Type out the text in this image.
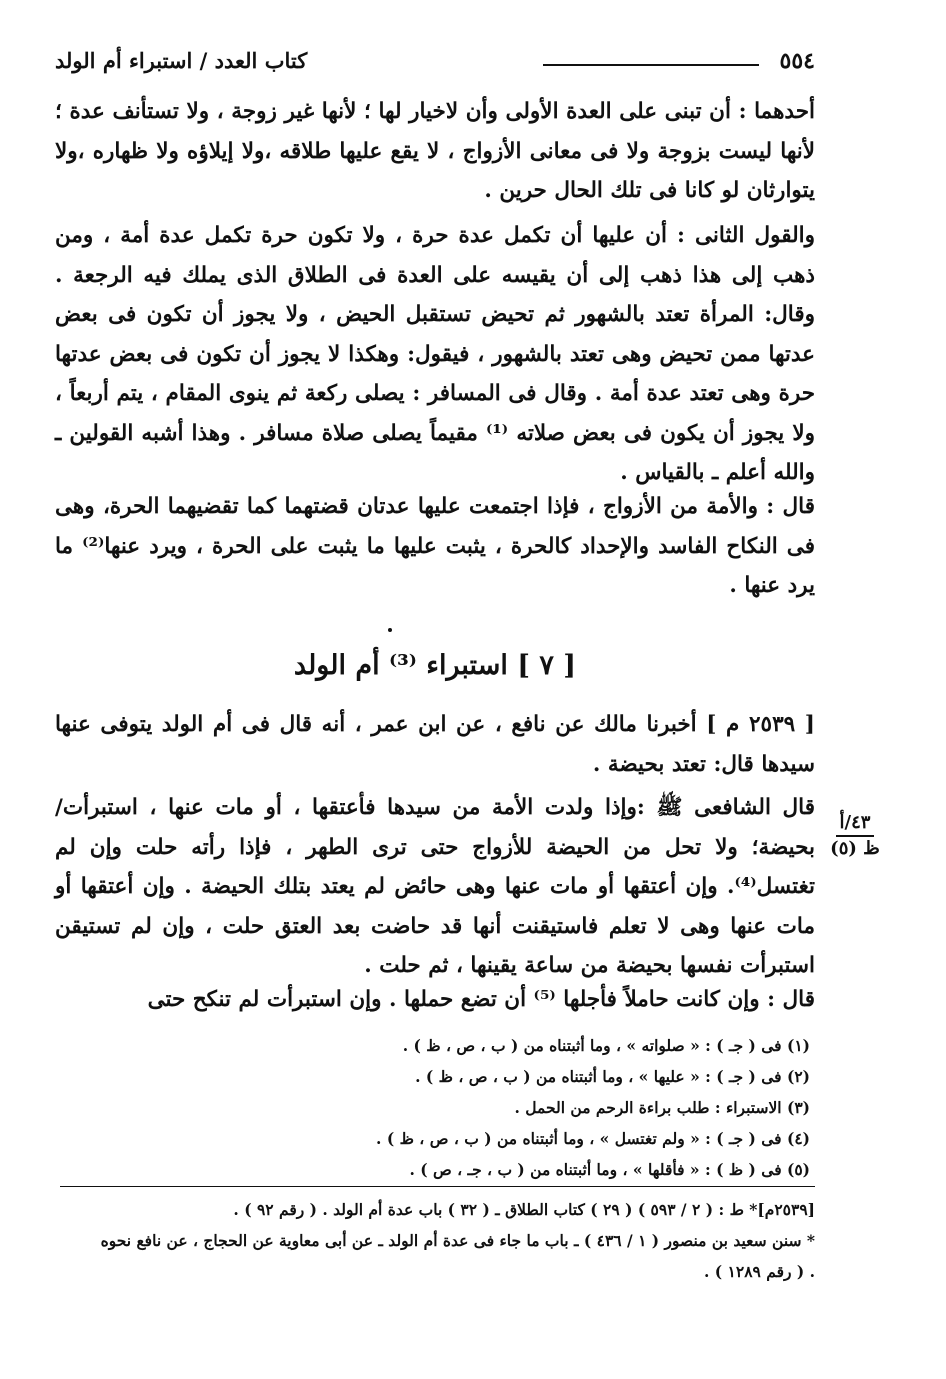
٥٥٤
كتاب العدد / استبراء أم الولد

أحدهما : أن تبنى على العدة الأولى وأن لاخيار لها ؛ لأنها غير زوجة ، ولا تستأنف عدة ؛ لأنها ليست بزوجة ولا فى معانى الأزواج ، لا يقع عليها طلاقه ،ولا إيلاؤه ولا ظهاره ،ولا يتوارثان لو كانا فى تلك الحال حرين .

والقول الثانى : أن عليها أن تكمل عدة حرة ، ولا تكون حرة تكمل عدة أمة ، ومن ذهب إلى هذا ذهب إلى أن يقيسه على العدة فى الطلاق الذى يملك فيه الرجعة . وقال: المرأة تعتد بالشهور ثم تحيض تستقبل الحيض ، ولا يجوز أن تكون فى بعض عدتها ممن تحيض وهى تعتد بالشهور ، فيقول: وهكذا لا يجوز أن تكون فى بعض عدتها حرة وهى تعتد عدة أمة . وقال فى المسافر : يصلى ركعة ثم ينوى المقام ، يتم أربعاً ، ولا يجوز أن يكون فى بعض صلاته ⁽¹⁾ مقيماً يصلى صلاة مسافر . وهذا أشبه القولين ـ والله أعلم ـ بالقياس .

قال : والأمة من الأزواج ، فإذا اجتمعت عليها عدتان قضتهما كما تقضيهما الحرة، وهى فى النكاح الفاسد والإحداد كالحرة ، يثبت عليها ما يثبت على الحرة ، ويرد عنها⁽²⁾ ما يرد عنها .

[ ٧ ] استبراء ⁽³⁾ أم الولد

[ ٢٥٣٩ م ] أخبرنا مالك عن نافع ، عن ابن عمر ، أنه قال فى أم الولد يتوفى عنها سيدها قال: تعتد بحيضة .

قال الشافعى ﷺ :وإذا ولدت الأمة من سيدها فأعتقها ، أو مات عنها ، استبرأت/ بحيضة؛ ولا تحل من الحيضة للأزواج حتى ترى الطهر ، فإذا رأته حلت وإن لم تغتسل⁽⁴⁾. وإن أعتقها أو مات عنها وهى حائض لم يعتد بتلك الحيضة . وإن أعتقها أو مات عنها وهى لا تعلم فاستيقنت أنها قد حاضت بعد العتق حلت ، وإن لم تستيقن استبرأت نفسها بحيضة من ساعة يقينها ، ثم حلت .

٤٣/أ
ظ (٥)

قال : وإن كانت حاملاً فأجلها ⁽⁵⁾ أن تضع حملها . وإن استبرأت لم تنكح حتى

(١) فى ( جـ ) : « صلواته » ، وما أثبتناه من ( ب ، ص ، ظ ) .

(٢) فى ( جـ ) : « عليها » ، وما أثبتناه من ( ب ، ص ، ظ ) .

(٣) الاستبراء : طلب براءة الرحم من الحمل .

(٤) فى ( جـ ) : « ولم تغتسل » ، وما أثبتناه من ( ب ، ص ، ظ ) .

(٥) فى ( ظ ) : « فأقلها » ، وما أثبتناه من ( ب ، جـ ، ص ) .

[٢٥٣٩م]* ط : ( ٢ / ٥٩٣ ) ( ٢٩ ) كتاب الطلاق ـ ( ٣٢ ) باب عدة أم الولد . ( رقم ٩٢ ) .

* سنن سعيد بن منصور ( ١ / ٤٣٦ ) ـ باب ما جاء فى عدة أم الولد ـ عن أبى معاوية عن الحجاج ، عن نافع نحوه . ( رقم ١٢٨٩ ) .
